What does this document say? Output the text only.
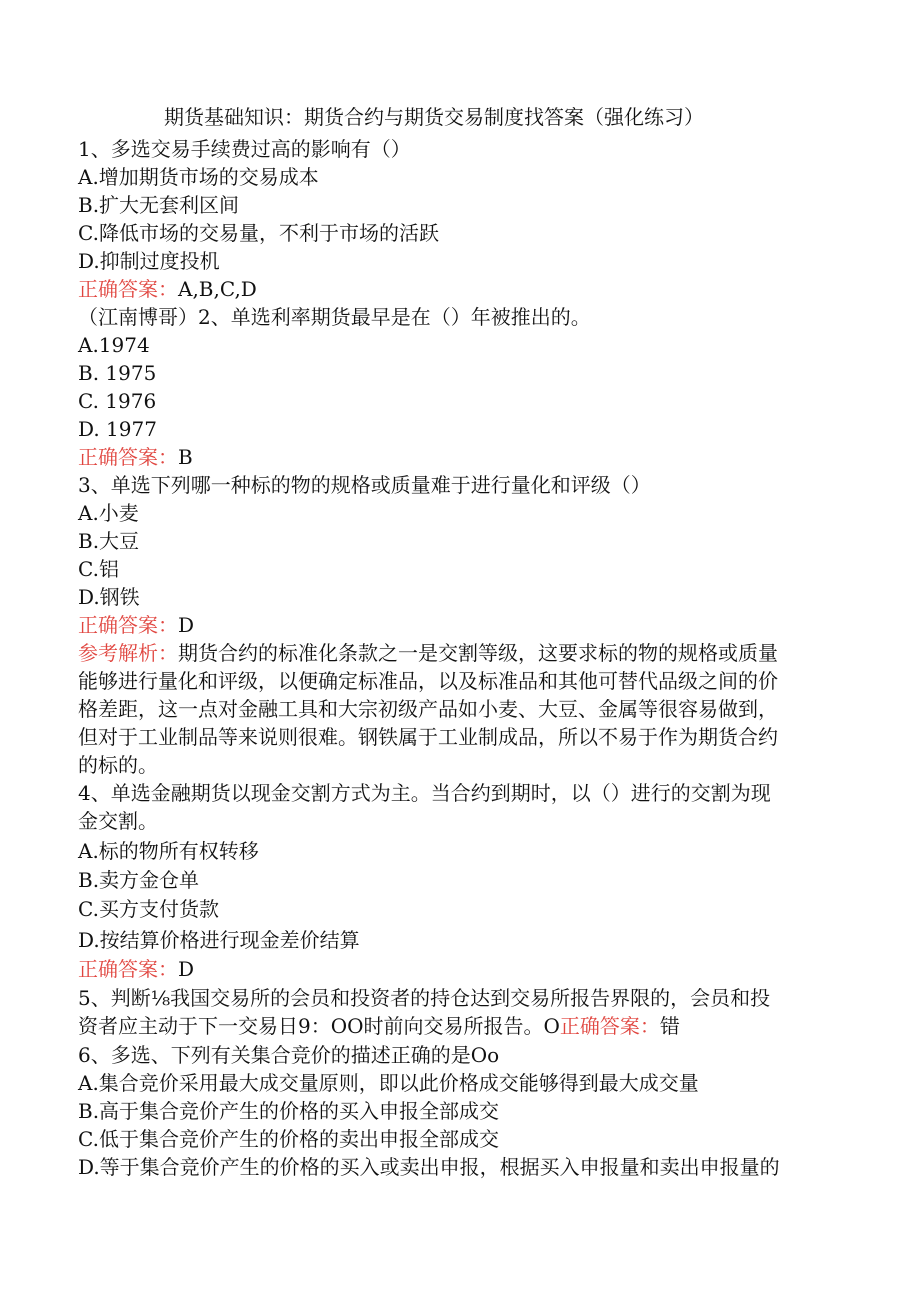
期货基础知识：期货合约与期货交易制度找答案（强化练习）
1、多选交易手续费过高的影响有（）
A.增加期货市场的交易成本
B.扩大无套利区间
C.降低市场的交易量，不利于市场的活跃
D.抑制过度投机
正确答案：A,B,C,D
（江南博哥）2、单选利率期货最早是在（）年被推出的。
A.1974
B. 1975
C. 1976
D. 1977
正确答案：B
3、单选下列哪一种标的物的规格或质量难于进行量化和评级（）
A.小麦
B.大豆
C.铝
D.钢铁
正确答案：D
参考解析：期货合约的标准化条款之一是交割等级，这要求标的物的规格或质量
能够进行量化和评级，以便确定标准品，以及标准品和其他可替代品级之间的价
格差距，这一点对金融工具和大宗初级产品如小麦、大豆、金属等很容易做到，
但对于工业制品等来说则很难。钢铁属于工业制成品，所以不易于作为期货合约
的标的。
4、单选金融期货以现金交割方式为主。当合约到期时，以（）进行的交割为现
金交割。
A.标的物所有权转移
B.卖方金仓单
C.买方支付货款
D.按结算价格进行现金差价结算
正确答案：D
5、判断⅛我国交易所的会员和投资者的持仓达到交易所报告界限的，会员和投
资者应主动于下一交易日9：OO时前向交易所报告。O正确答案：错
6、多选、下列有关集合竞价的描述正确的是Oo
A.集合竞价采用最大成交量原则，即以此价格成交能够得到最大成交量
B.高于集合竞价产生的价格的买入申报全部成交
C.低于集合竞价产生的价格的卖出申报全部成交
D.等于集合竞价产生的价格的买入或卖出申报，根据买入申报量和卖出申报量的
